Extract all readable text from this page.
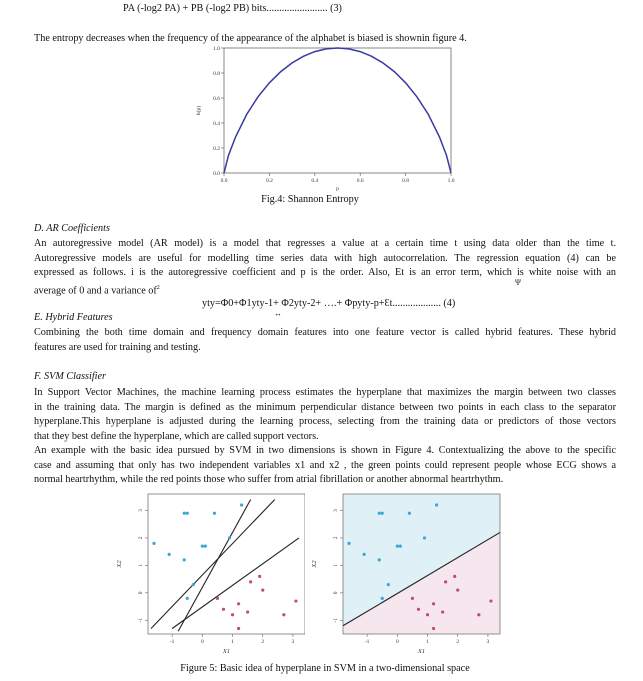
PA (-log2 PA) + PB (-log2 PB) bits........................ (3)
The entropy decreases when the frequency of the appearance of the alphabet is biased is shownin figure 4.
0.0	0.2	0.4	0.6	0.8	1.0
0.0
0.2
0.4
0.6
0.8
1.0
p
h(p)
Fig.4: Shannon Entropy
D. AR Coefficients
An autoregressive model (AR model) is a model that regresses a value at a certain time t using data older than the time t.
Autoregressive models are useful for modelling time series data with high autocorrelation. The regression equation (4) can be
expressed as follows. i is the autoregressive coefficient and p is the order. Also, Et is an error term, which is white noise with an
average of 0 and a variance $of^2$
Ψ
yty=Φ0+Φ1yty-1+ Φ2yty-2+ ….+ Φpyty-p+Ɛt................... (4)
↔
E. Hybrid Features
Combining the both time domain and frequency domain features into one feature vector is called hybrid features. These hybrid
features are used for training and testing.
F. SVM Classifier
In Support Vector Machines, the machine learning process estimates the hyperplane that maximizes the margin between two classes
in the training data. The margin is defined as the minimum perpendicular distance between two points in each class to the separator
hyperplane.This hyperplane is adjusted during the learning process, selecting from the training data or predictors of those vectors
that they best define the hyperplane, which are called support vectors.
An example with the basic idea pursued by SVM in two dimensions is shown in Figure 4. Contextualizing the above to the specific
case and assuming that only has two independent variables x1 and x2 , the green points could represent people whose ECG shows a
normal heartrhythm, while the red points those who suffer from atrial fibrillation or another abnormal heartrhythm.
-1	0	1	2	3
-1
0
1
2
3
X1
X2
-1	0	1	2	3
-1
0
1
2
3
X1
X2
Figure 5: Basic idea of hyperplane in SVM in a two-dimensional space
